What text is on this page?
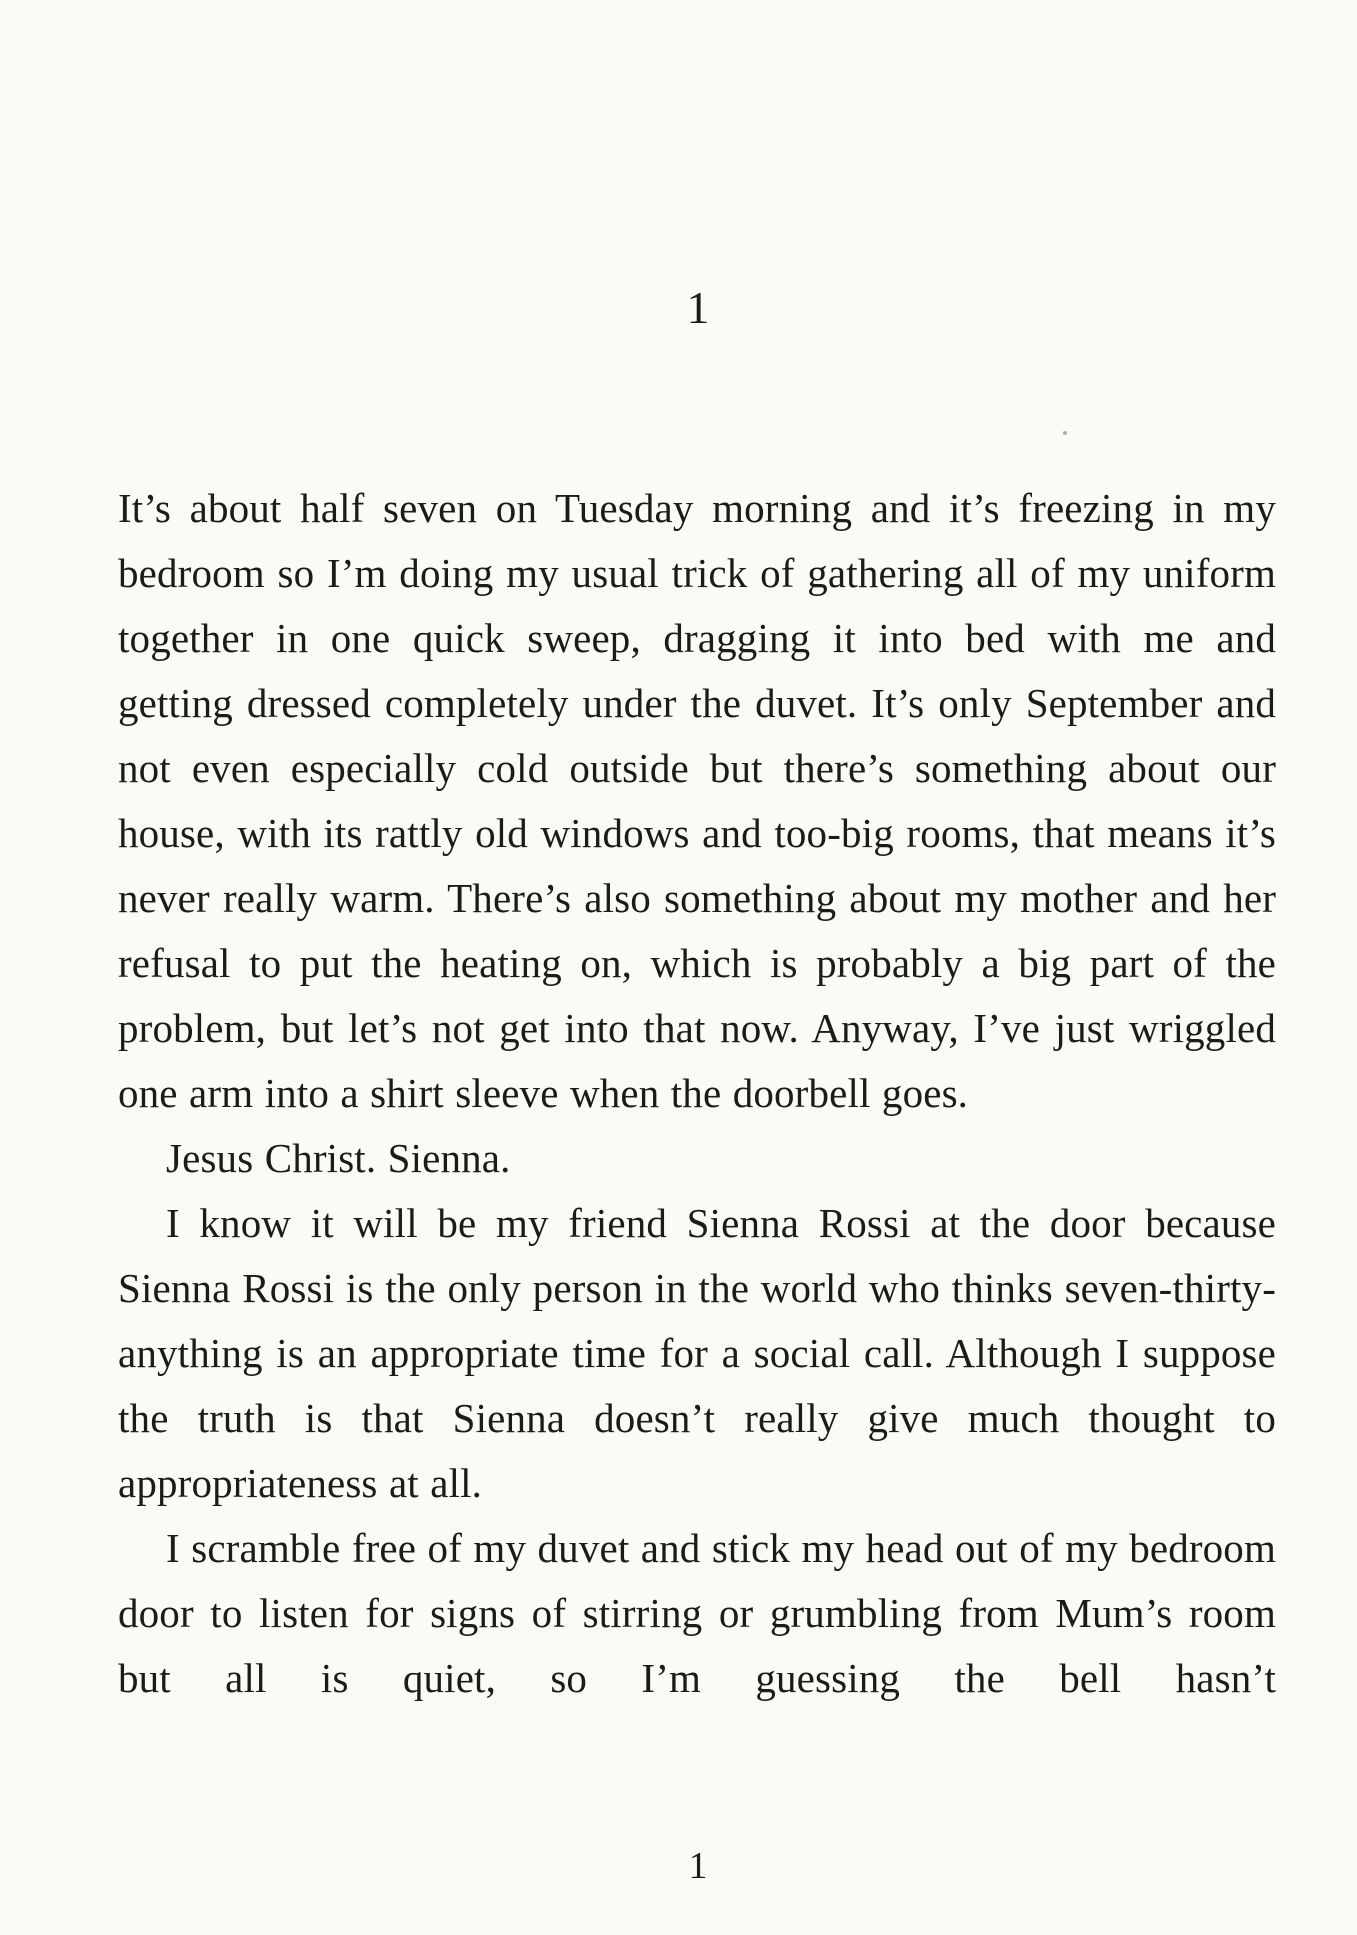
1

It’s about half seven on Tuesday morning and it’s freezing in my bedroom so I’m doing my usual trick of gathering all of my uniform together in one quick sweep, dragging it into bed with me and getting dressed completely under the duvet. It’s only September and not even especially cold outside but there’s something about our house, with its rattly old windows and too-big rooms, that means it’s never really warm. There’s also something about my mother and her refusal to put the heating on, which is probably a big part of the problem, but let’s not get into that now. Anyway, I’ve just wriggled one arm into a shirt sleeve when the doorbell goes.

Jesus Christ. Sienna.

I know it will be my friend Sienna Rossi at the door because Sienna Rossi is the only person in the world who thinks seven-thirty-anything is an appropriate time for a social call. Although I suppose the truth is that Sienna doesn’t really give much thought to appropriateness at all.

I scramble free of my duvet and stick my head out of my bedroom door to listen for signs of stirring or grumbling from Mum’s room but all is quiet, so I’m guessing the bell hasn’t

1
